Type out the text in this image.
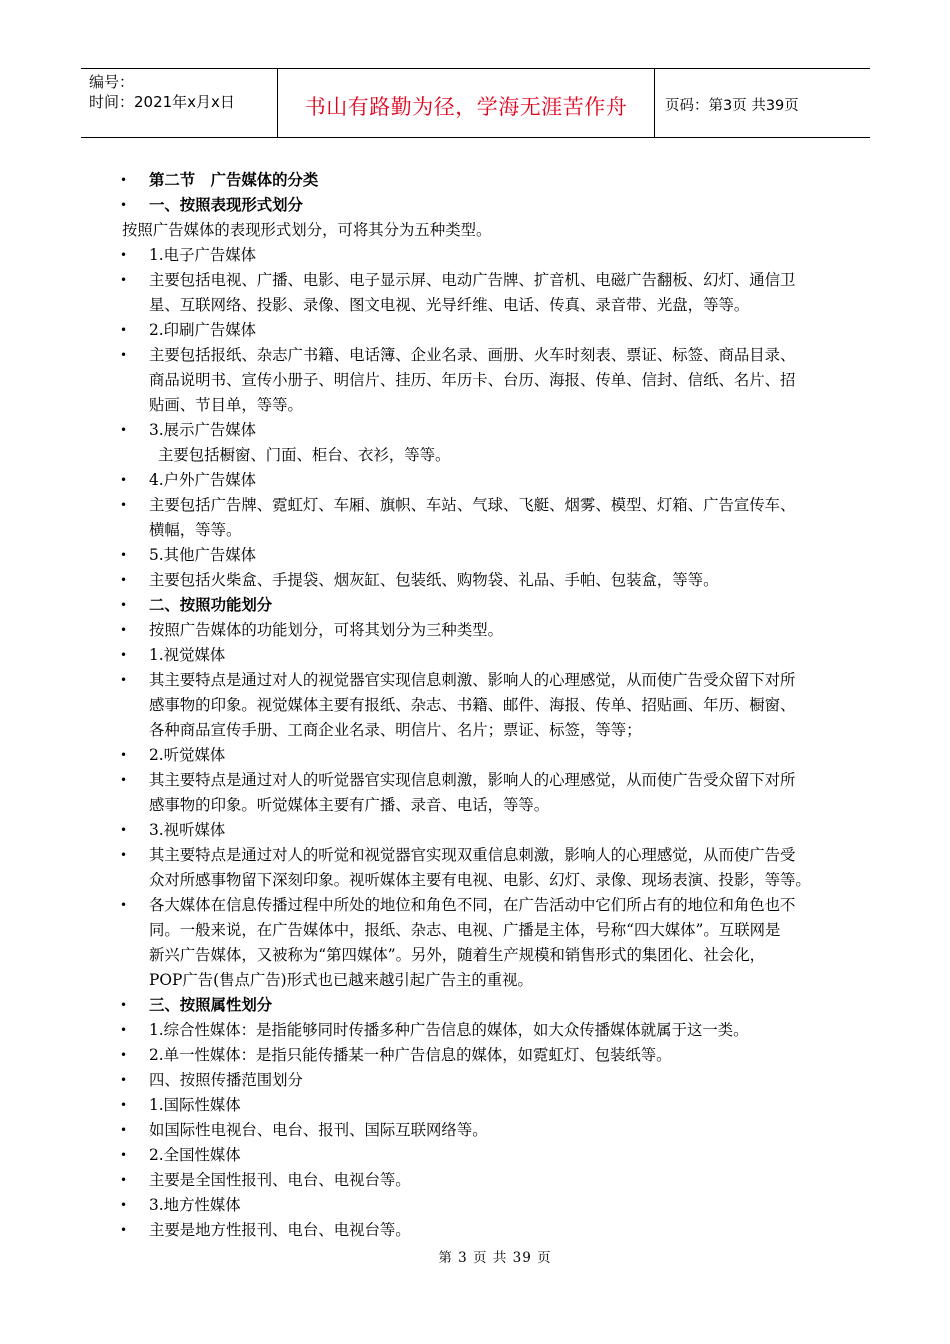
编号：
时间：2021年x月x日	书山有路勤为径，学海无涯苦作舟	页码：第3页 共39页
• 第二节　广告媒体的分类
• 一、按照表现形式划分
按照广告媒体的表现形式划分，可将其分为五种类型。
• 1.电子广告媒体
• 主要包括电视、广播、电影、电子显示屏、电动广告牌、扩音机、电磁广告翻板、幻灯、通信卫
星、互联网络、投影、录像、图文电视、光导纤维、电话、传真、录音带、光盘，等等。
• 2.印刷广告媒体
• 主要包括报纸、杂志广书籍、电话簿、企业名录、画册、火车时刻表、票证、标签、商品目录、
商品说明书、宣传小册子、明信片、挂历、年历卡、台历、海报、传单、信封、信纸、名片、招
贴画、节目单，等等。
• 3.展示广告媒体
主要包括橱窗、门面、柜台、衣衫，等等。
• 4.户外广告媒体
• 主要包括广告牌、霓虹灯、车厢、旗帜、车站、气球、飞艇、烟雾、模型、灯箱、广告宣传车、
横幅，等等。
• 5.其他广告媒体
• 主要包括火柴盒、手提袋、烟灰缸、包装纸、购物袋、礼品、手帕、包装盒，等等。
• 二、按照功能划分
• 按照广告媒体的功能划分，可将其划分为三种类型。
• 1.视觉媒体
• 其主要特点是通过对人的视觉器官实现信息刺激、影响人的心理感觉，从而使广告受众留下对所
感事物的印象。视觉媒体主要有报纸、杂志、书籍、邮件、海报、传单、招贴画、年历、橱窗、
各种商品宣传手册、工商企业名录、明信片、名片；票证、标签，等等；
• 2.听觉媒体
• 其主要特点是通过对人的听觉器官实现信息刺激，影响人的心理感觉，从而使广告受众留下对所
感事物的印象。听觉媒体主要有广播、录音、电话，等等。
• 3.视听媒体
• 其主要特点是通过对人的听觉和视觉器官实现双重信息刺激，影响人的心理感觉，从而使广告受
众对所感事物留下深刻印象。视听媒体主要有电视、电影、幻灯、录像、现场表演、投影，等等。
• 各大媒体在信息传播过程中所处的地位和角色不同，在广告活动中它们所占有的地位和角色也不
同。一般来说，在广告媒体中，报纸、杂志、电视、广播是主体，号称“四大媒体”。互联网是
新兴广告媒体，又被称为“第四媒体”。另外，随着生产规模和销售形式的集团化、社会化，
POP广告(售点广告)形式也已越来越引起广告主的重视。
• 三、按照属性划分
• 1.综合性媒体：是指能够同时传播多种广告信息的媒体，如大众传播媒体就属于这一类。
• 2.单一性媒体：是指只能传播某一种广告信息的媒体，如霓虹灯、包装纸等。
• 四、按照传播范围划分
• 1.国际性媒体
• 如国际性电视台、电台、报刊、国际互联网络等。
• 2.全国性媒体
• 主要是全国性报刊、电台、电视台等。
• 3.地方性媒体
• 主要是地方性报刊、电台、电视台等。
第 3 页 共 39 页
